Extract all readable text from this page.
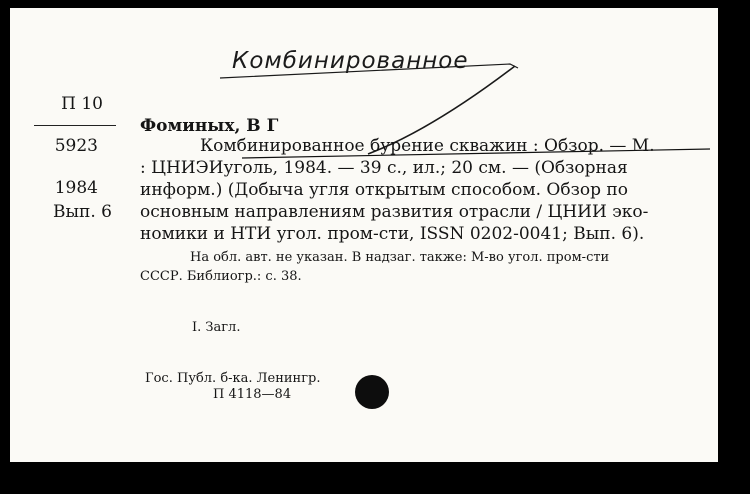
Комбинированное
П 10
5923
1984
Вып. 6
Фоминых, В Г
Комбинированное бурение скважин : Обзор. — М.
: ЦНИЭИуголь, 1984. — 39 с., ил.; 20 см. — (Обзорная
информ.) (Добыча угля открытым способом. Обзор по
основным направлениям развития отрасли / ЦНИИ эко-
номики и НТИ угол. пром-сти, ISSN 0202-0041; Вып. 6).
На обл. авт. не указан. В надзаг. также: М-во угол. пром-сти
СССР. Библиогр.: с. 38.
I. Загл.
Гос. Публ. б-ка. Ленингр.
П 4118—84
